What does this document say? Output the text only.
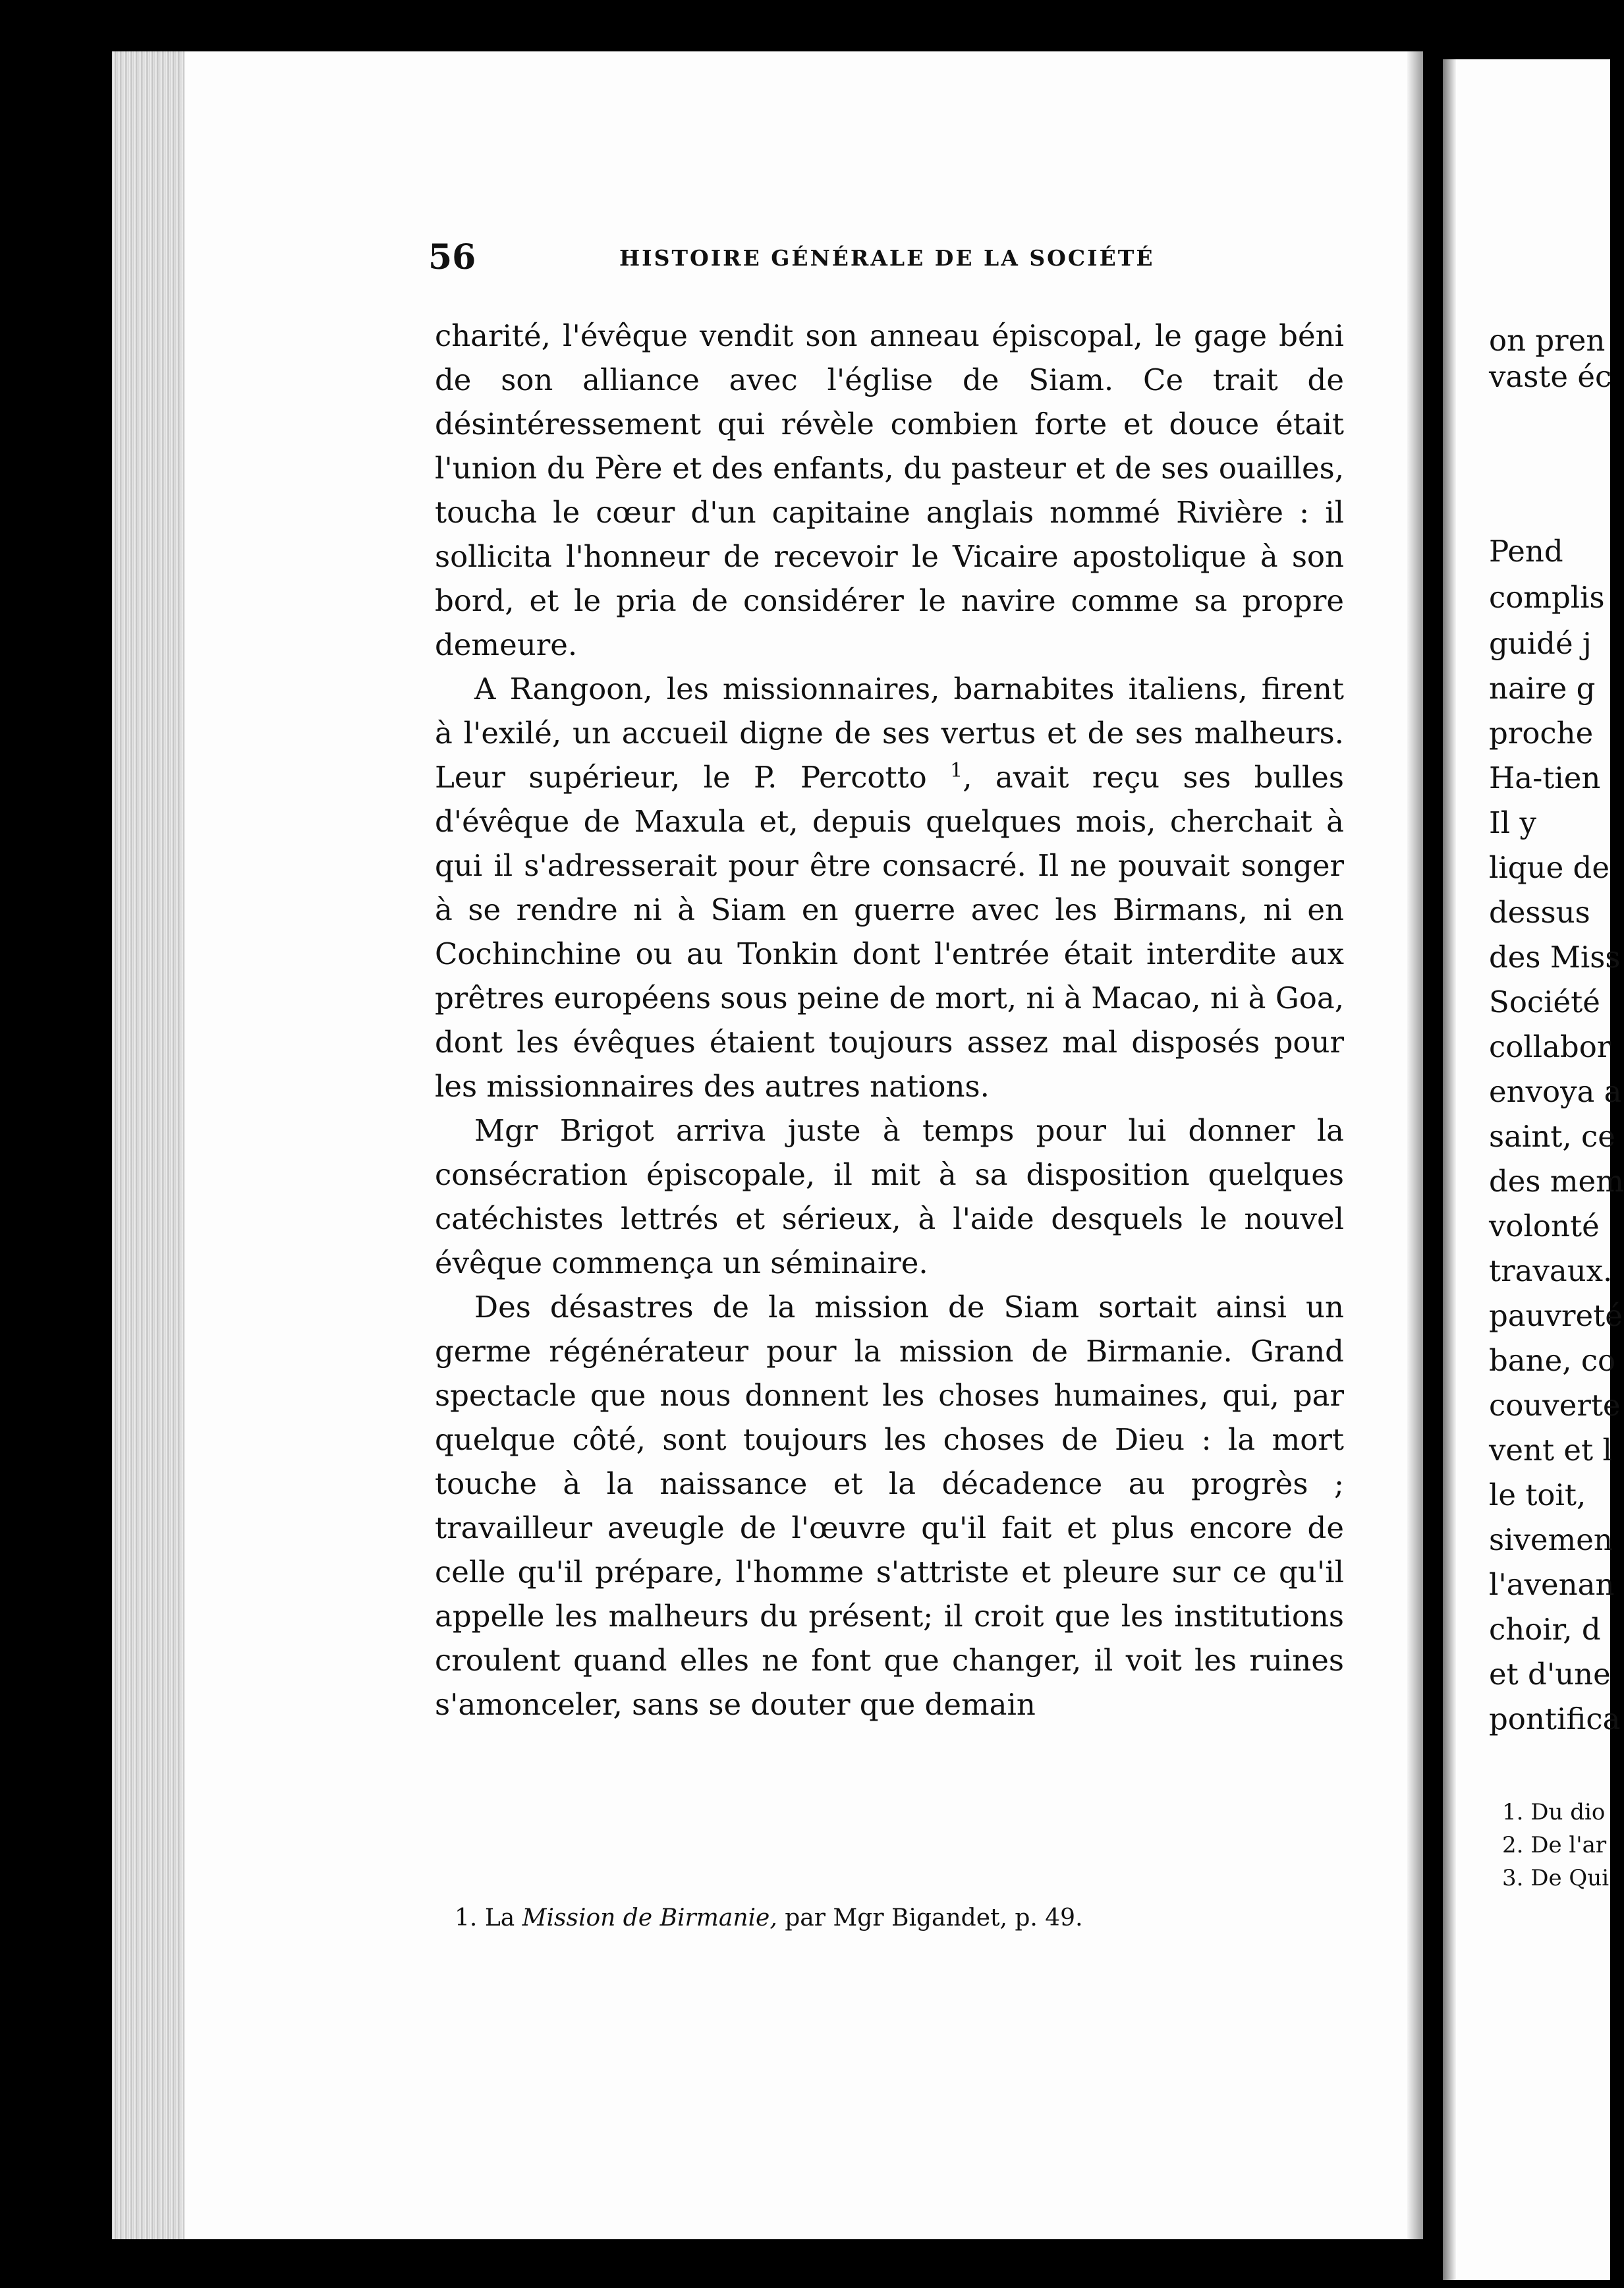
56	HISTOIRE GÉNÉRALE DE LA SOCIÉTÉ

charité, l'évêque vendit son anneau épiscopal, le gage béni de son alliance avec l'église de Siam. Ce trait de désintéressement qui révèle combien forte et douce était l'union du Père et des enfants, du pasteur et de ses ouailles, toucha le cœur d'un capitaine anglais nommé Rivière : il sollicita l'honneur de recevoir le Vicaire apostolique à son bord, et le pria de considérer le navire comme sa propre demeure.

A Rangoon, les missionnaires, barnabites italiens, firent à l'exilé, un accueil digne de ses vertus et de ses malheurs. Leur supérieur, le P. Percotto $^1$, avait reçu ses bulles d'évêque de Maxula et, depuis quelques mois, cherchait à qui il s'adresserait pour être consacré. Il ne pouvait songer à se rendre ni à Siam en guerre avec les Birmans, ni en Cochinchine ou au Tonkin dont l'entrée était interdite aux prêtres européens sous peine de mort, ni à Macao, ni à Goa, dont les évêques étaient toujours assez mal disposés pour les missionnaires des autres nations.

Mgr Brigot arriva juste à temps pour lui donner la consécration épiscopale, il mit à sa disposition quelques catéchistes lettrés et sérieux, à l'aide desquels le nouvel évêque commença un séminaire.

Des désastres de la mission de Siam sortait ainsi un germe régénérateur pour la mission de Birmanie. Grand spectacle que nous donnent les choses humaines, qui, par quelque côté, sont toujours les choses de Dieu : la mort touche à la naissance et la décadence au progrès ; travailleur aveugle de l'œuvre qu'il fait et plus encore de celle qu'il prépare, l'homme s'attriste et pleure sur ce qu'il appelle les malheurs du présent; il croit que les institutions croulent quand elles ne font que changer, il voit les ruines s'amonceler, sans se douter que demain

1. La Mission de Birmanie, par Mgr Bigandet, p. 49.
on pren
vaste éc
Pend
complis
guidé j
naire g
proche
Ha-tien
Il y
lique de
dessus
des Miss
Société
collabor
envoya a
saint, ce
des mem
volonté
travaux.
pauvreté
bane, co
couverte
vent et l
le toit,
sivemen
l'avenan
choir, d
et d'une
pontifica
1. Du dio
2. De l'ar
3. De Qui
